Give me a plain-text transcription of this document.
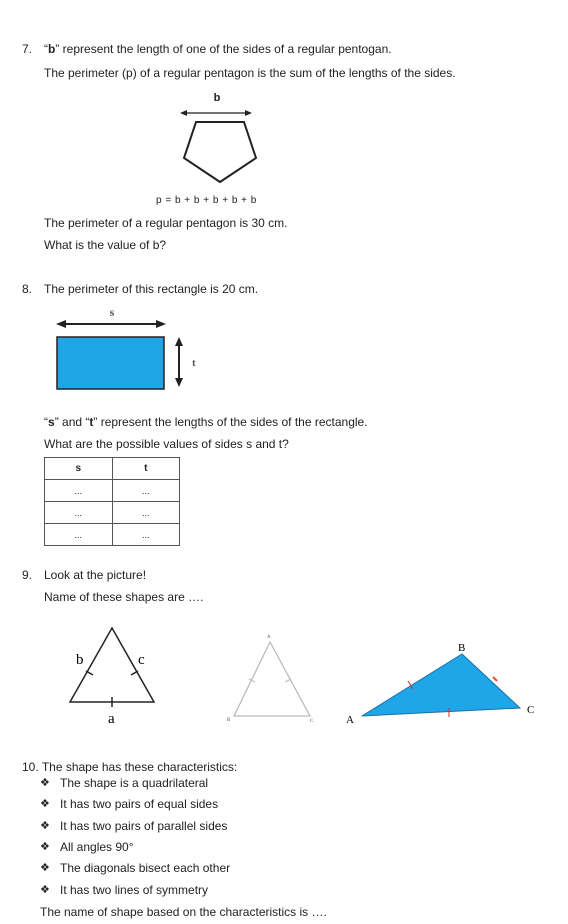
7. “b” represent the length of one of the sides of a regular pentogan.
The perimeter (p) of a regular pentagon is the sum of the lengths of the sides.
b
p = b + b + b + b + b
The perimeter of a regular pentagon is 30 cm.
What is the value of b?
8. The perimeter of this rectangle is 20 cm.
s
t
“s” and “t” represent the lengths of the sides of the rectangle.
What are the possible values of sides s and t?
s	t
...	...
...	...
...	...
9. Look at the picture!
Name of these shapes are ….
b	c
a
A
B	C	A
B
C
10. The shape has these characteristics:
❖ The shape is a quadrilateral
❖ It has two pairs of equal sides
❖ It has two pairs of parallel sides
❖ All angles 90°
❖ The diagonals bisect each other
❖ It has two lines of symmetry
The name of shape based on the characteristics is ….
